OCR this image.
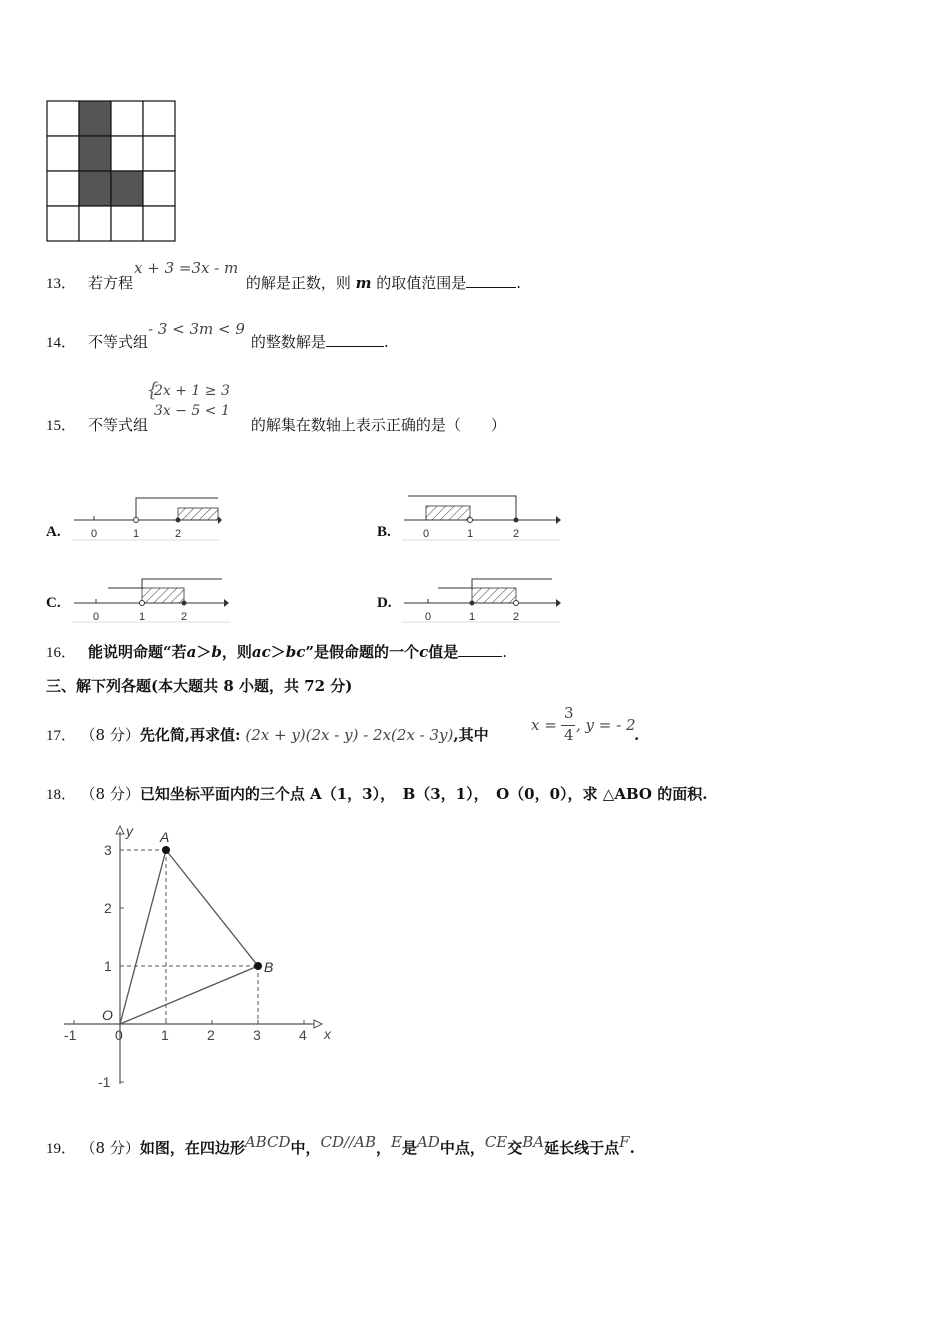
13． 若方程
x + 3 =3x - m
的解是正数，则 m 的取值范围是	.
14． 不等式组
- 3 < 3m < 9
的整数解是	.
15． 不等式组
{
2x + 1 ≥ 3
3x − 5 < 1
的解集在数轴上表示正确的是（　　）
A.	0	1	2	B.	0	1	2
C.
0	1	2
D.
0	1	2
16． 能说明命题“若a＞b，则ac＞bc”是假命题的一个c值是	.
三、解下列各题(本大题共 8 小题，共 72 分)
17． （8 分）先化简,再求值: (2x + y)(2x - y) - 2x(2x - 3y),其中
x =
3
4
, y = - 2
.
18． （8 分）已知坐标平面内的三个点 A（1，3），　B（3，1），　O（0，0），求 △ABO 的面积.
x
y
-1	0	1	2	3	4
3
2
1
-1
A
B
O
19． （8 分）如图，在四边形ABCD中，CD//AB，E是AD中点，CE交BA延长线于点F.
